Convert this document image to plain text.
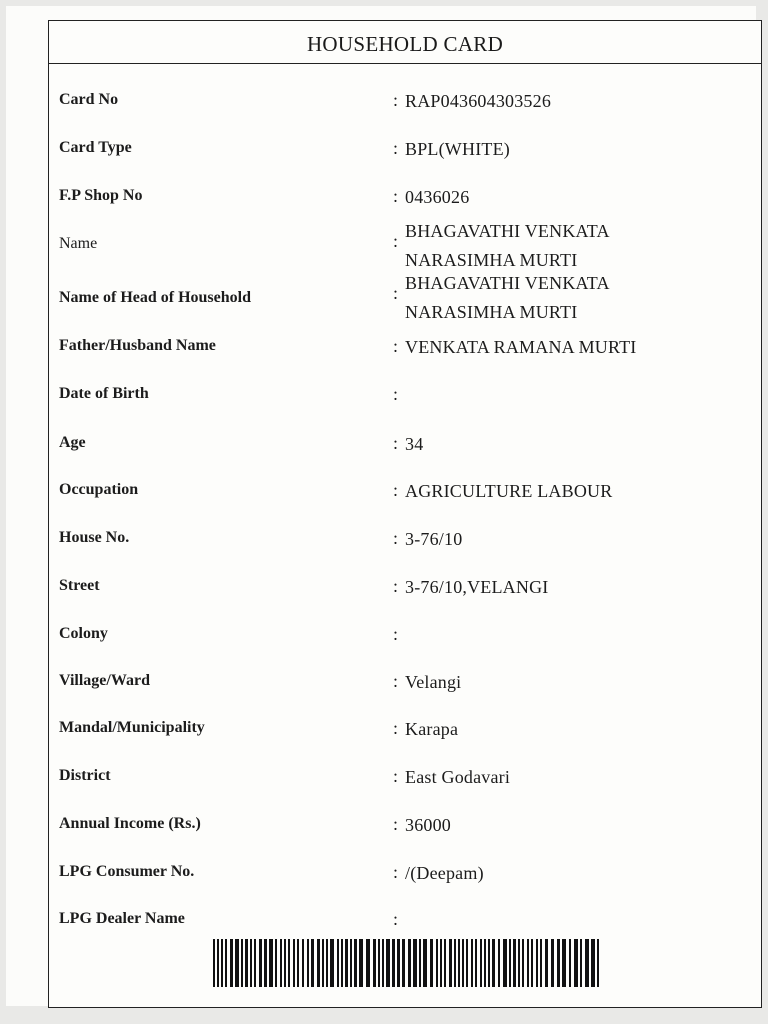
HOUSEHOLD CARD
Card No	: RAP043604303526
Card Type	: BPL(WHITE)
F.P Shop No	: 0436026
Name	: BHAGAVATHI VENKATA
NARASIMHA MURTI
Name of Head of Household	: BHAGAVATHI VENKATA
NARASIMHA MURTI
Father/Husband Name	: VENKATA RAMANA MURTI
Date of Birth	:
Age	: 34
Occupation	: AGRICULTURE LABOUR
House No.	: 3-76/10
Street	: 3-76/10,VELANGI
Colony	:
Village/Ward	: Velangi
Mandal/Municipality	: Karapa
District	: East Godavari
Annual Income (Rs.)	: 36000
LPG Consumer No.	: /(Deepam)
LPG Dealer Name	:
